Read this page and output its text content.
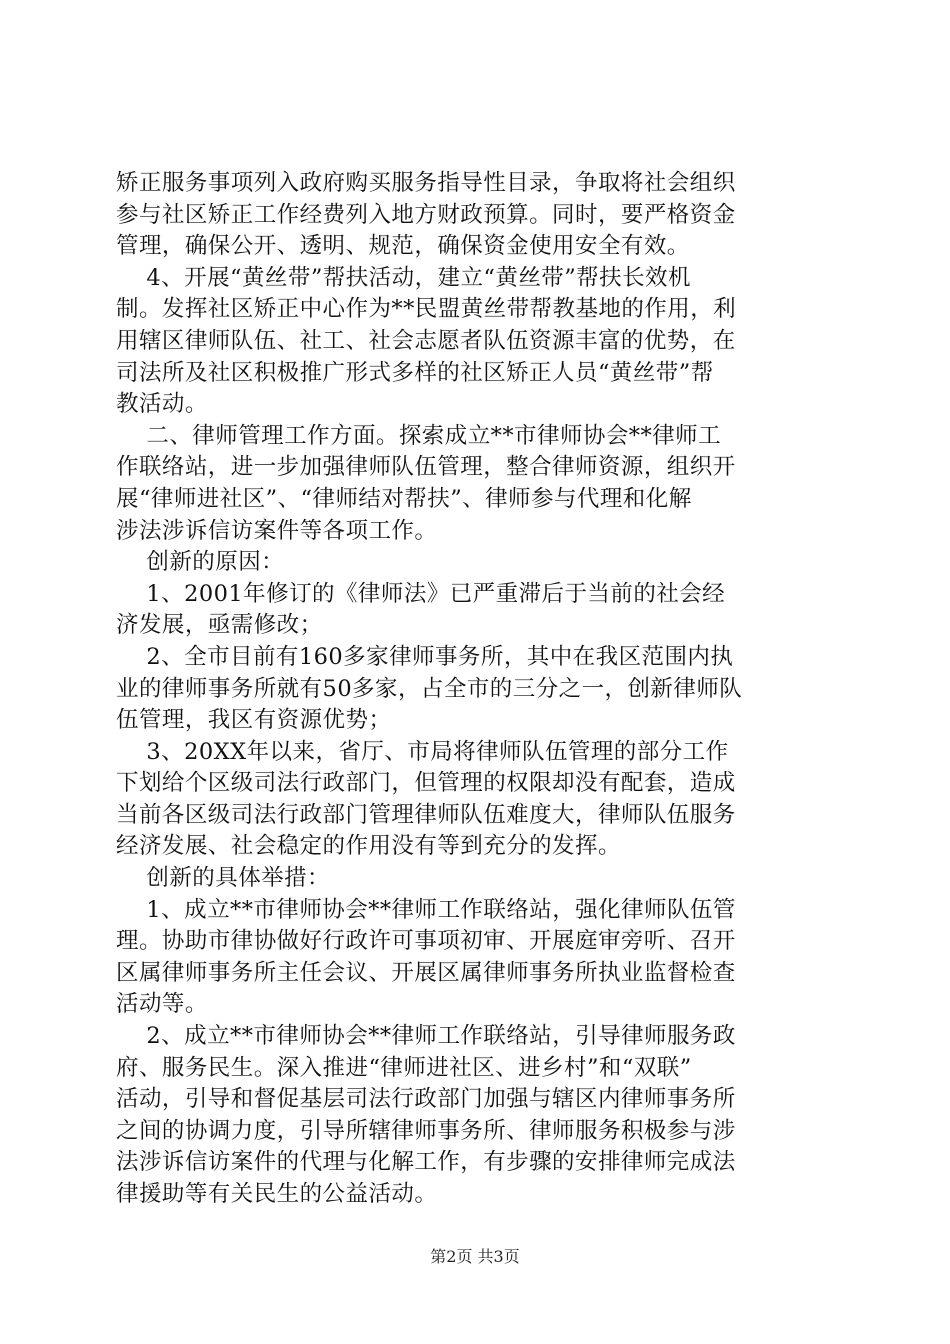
矫正服务事项列入政府购买服务指导性目录，争取将社会组织
参与社区矫正工作经费列入地方财政预算。同时，要严格资金
管理，确保公开、透明、规范，确保资金使用安全有效。
4、开展“黄丝带”帮扶活动，建立“黄丝带”帮扶长效机
制。发挥社区矫正中心作为**民盟黄丝带帮教基地的作用，利
用辖区律师队伍、社工、社会志愿者队伍资源丰富的优势，在
司法所及社区积极推广形式多样的社区矫正人员“黄丝带”帮
教活动。
二、律师管理工作方面。探索成立**市律师协会**律师工
作联络站，进一步加强律师队伍管理，整合律师资源，组织开
展“律师进社区”、“律师结对帮扶”、律师参与代理和化解
涉法涉诉信访案件等各项工作。
创新的原因：
1、2001年修订的《律师法》已严重滞后于当前的社会经
济发展，亟需修改；
2、全市目前有160多家律师事务所，其中在我区范围内执
业的律师事务所就有50多家，占全市的三分之一，创新律师队
伍管理，我区有资源优势；
3、20XX年以来，省厅、市局将律师队伍管理的部分工作
下划给个区级司法行政部门，但管理的权限却没有配套，造成
当前各区级司法行政部门管理律师队伍难度大，律师队伍服务
经济发展、社会稳定的作用没有等到充分的发挥。
创新的具体举措：
1、成立**市律师协会**律师工作联络站，强化律师队伍管
理。协助市律协做好行政许可事项初审、开展庭审旁听、召开
区属律师事务所主任会议、开展区属律师事务所执业监督检查
活动等。
2、成立**市律师协会**律师工作联络站，引导律师服务政
府、服务民生。深入推进“律师进社区、进乡村”和“双联”
活动，引导和督促基层司法行政部门加强与辖区内律师事务所
之间的协调力度，引导所辖律师事务所、律师服务积极参与涉
法涉诉信访案件的代理与化解工作，有步骤的安排律师完成法
律援助等有关民生的公益活动。
第2页 共3页
